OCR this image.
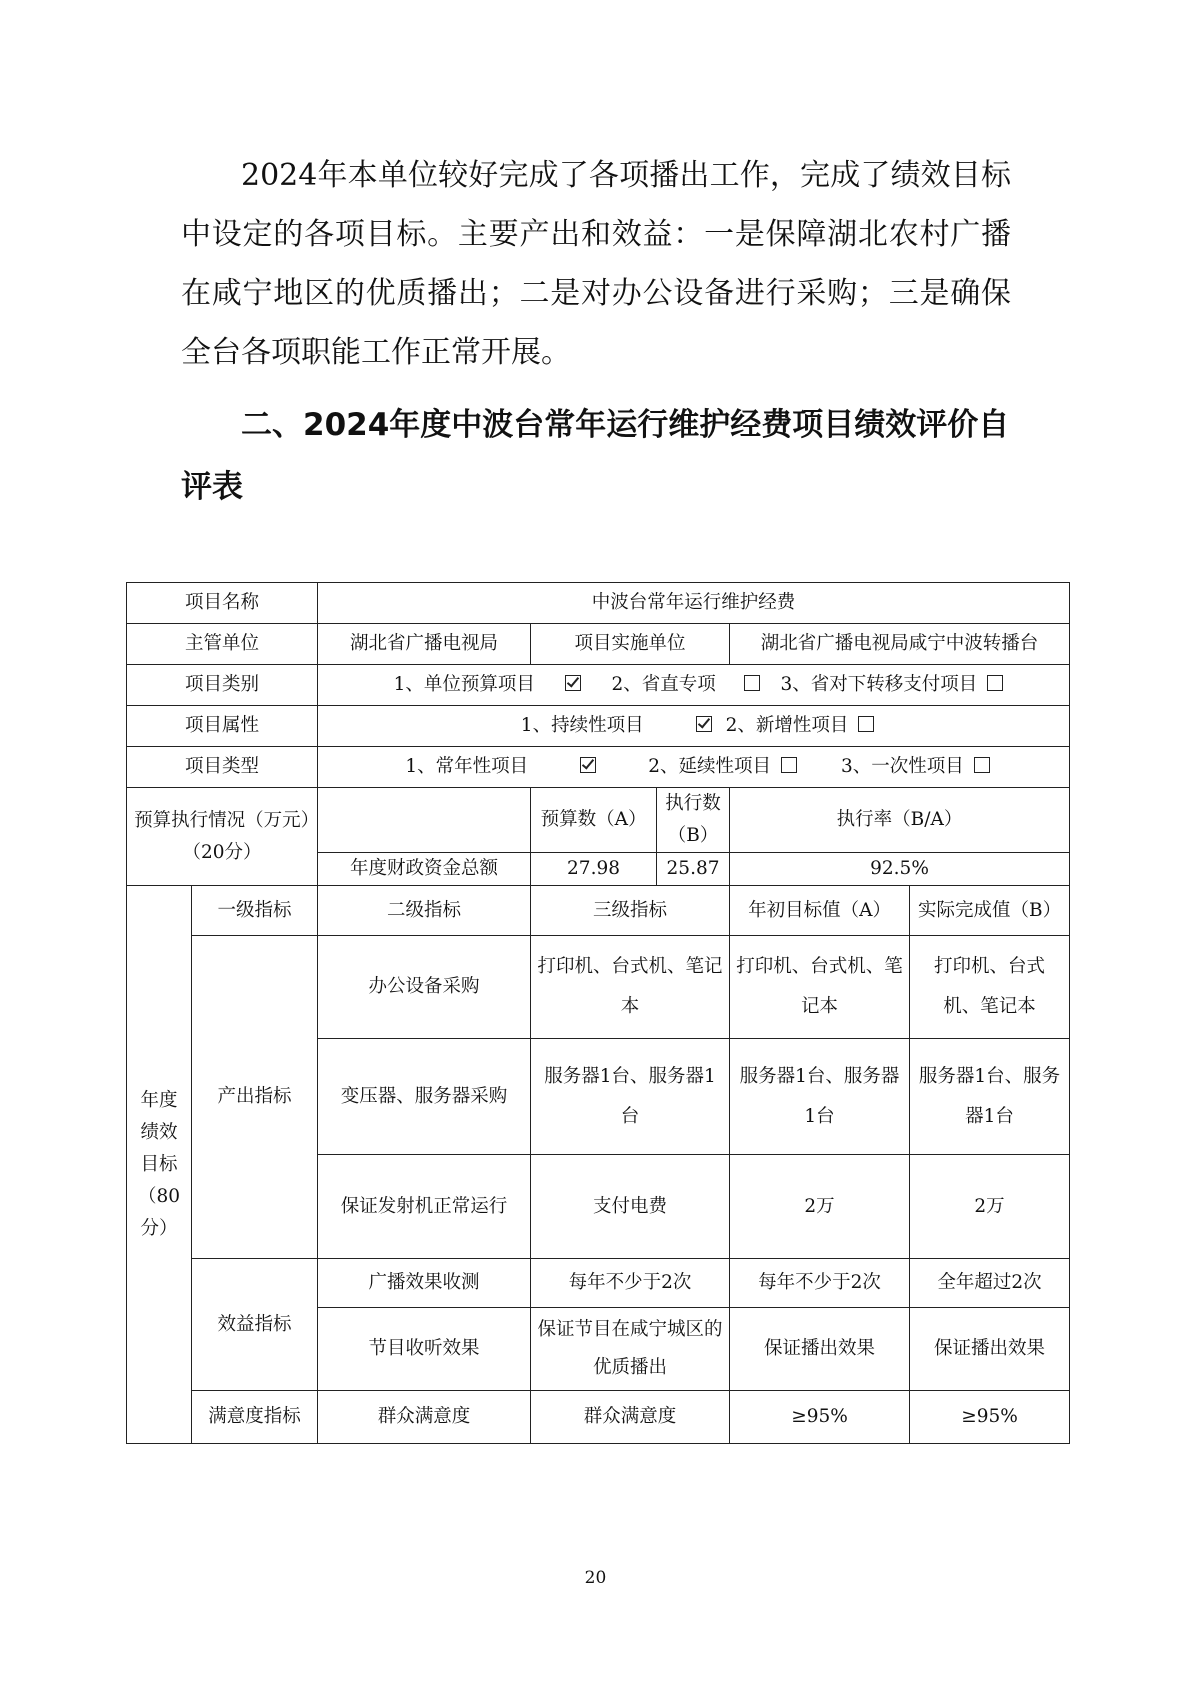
2024年本单位较好完成了各项播出工作，完成了绩效目标中设定的各项目标。主要产出和效益：一是保障湖北农村广播在咸宁地区的优质播出；二是对办公设备进行采购；三是确保全台各项职能工作正常开展。

二、2024年度中波台常年运行维护经费项目绩效评价自评表

项目名称		中波台常年运行维护经费				
主管单位		湖北省广播电视局	项目实施单位		湖北省广播电视局咸宁中波转播台	
项目类别		1、单位预算项目 2、省直专项 3、省对下转移支付项目				
项目属性		1、持续性项目 2、新增性项目				
项目类型		1、常年性项目 2、延续性项目 3、一次性项目				
预算执行情况（万元）（20分）			预算数（A）	执行数（B）	执行率（B/A）	
		年度财政资金总额	27.98	25.87	92.5%	
年度绩效目标（80分）	一级指标	二级指标	三级指标		年初目标值（A）	实际完成值（B）
	产出指标	办公设备采购	打印机、台式机、笔记本		打印机、台式机、笔记本	打印机、台式机、笔记本
		变压器、服务器采购	服务器1台、服务器1台		服务器1台、服务器1台	服务器1台、服务器1台
		保证发射机正常运行	支付电费		2万	2万
	效益指标	广播效果收测	每年不少于2次		每年不少于2次	全年超过2次
		节目收听效果	保证节目在咸宁城区的优质播出		保证播出效果	保证播出效果
	满意度指标	群众满意度	群众满意度		≥95%	≥95%
20
